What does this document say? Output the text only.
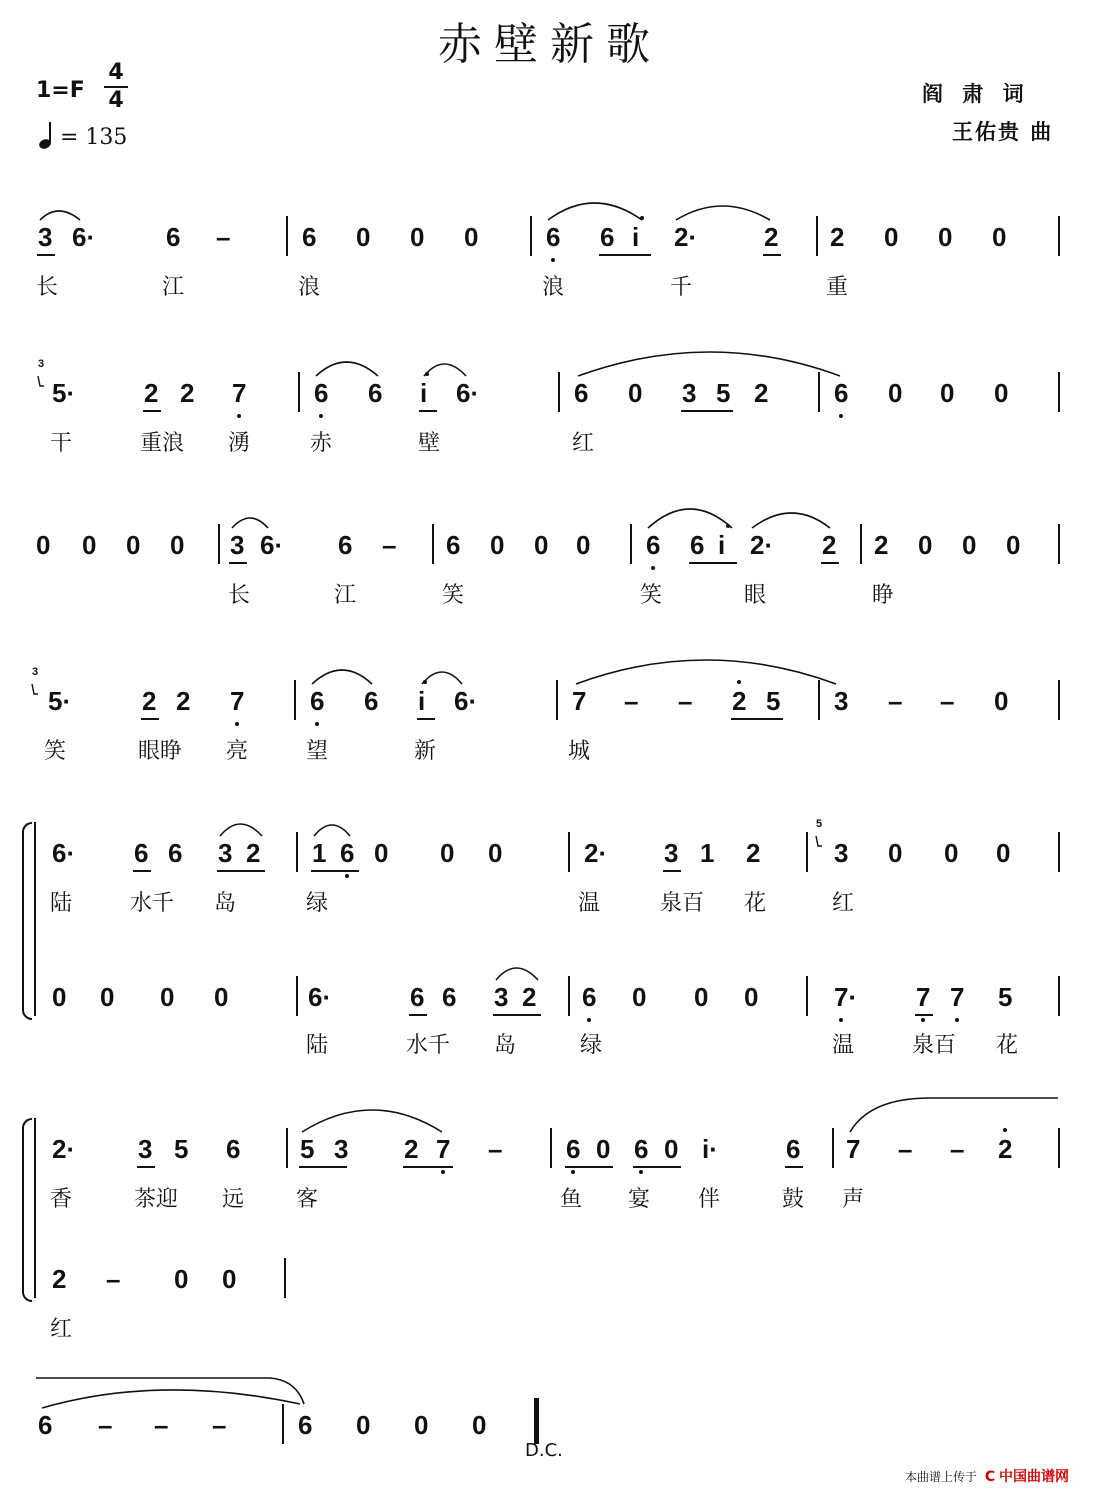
赤壁新歌
1=F
4
4
= 135
阎 肃 词
王佑贵 曲
3 6·	6 –	6 0 0 0	6 6 i 2·	2 2 0 0 0
长	江	浪	浪	千	重
3
5·	2 2 7	6 6 i 6·	6 0 3 5 2	6 0 0 0
干	重浪 湧	赤	壁	红
0 0 0 0 3 6· 6 – 6 0 0 0 6 6 i 2· 2 2 0 0 0
长	江	笑	笑	眼	睁
3
5·	2 2 7	6 6 i 6·	7 – – 2 5 3 – – 0
笑	眼睁 亮	望	新	城
6· 6 6 3 2 1 6 0 0 0	2· 3 1 2
5
3 0 0 0
陆	水千 岛	绿	温	泉百 花	红
0 0 0 0	6·	6 6 3 2 6 0 0 0	7· 7 7 5
陆	水千 岛	绿	温	泉百 花
2· 3 5 6 5 3 2 7 – 6 0 6 0 i·	6 7 – – 2
香	茶迎 远 客	鱼 宴 伴	鼓 声
2 – 0 0
红
6 – – –	6 0 0 0
D.C.
本曲谱上传于 C 中国曲谱网
